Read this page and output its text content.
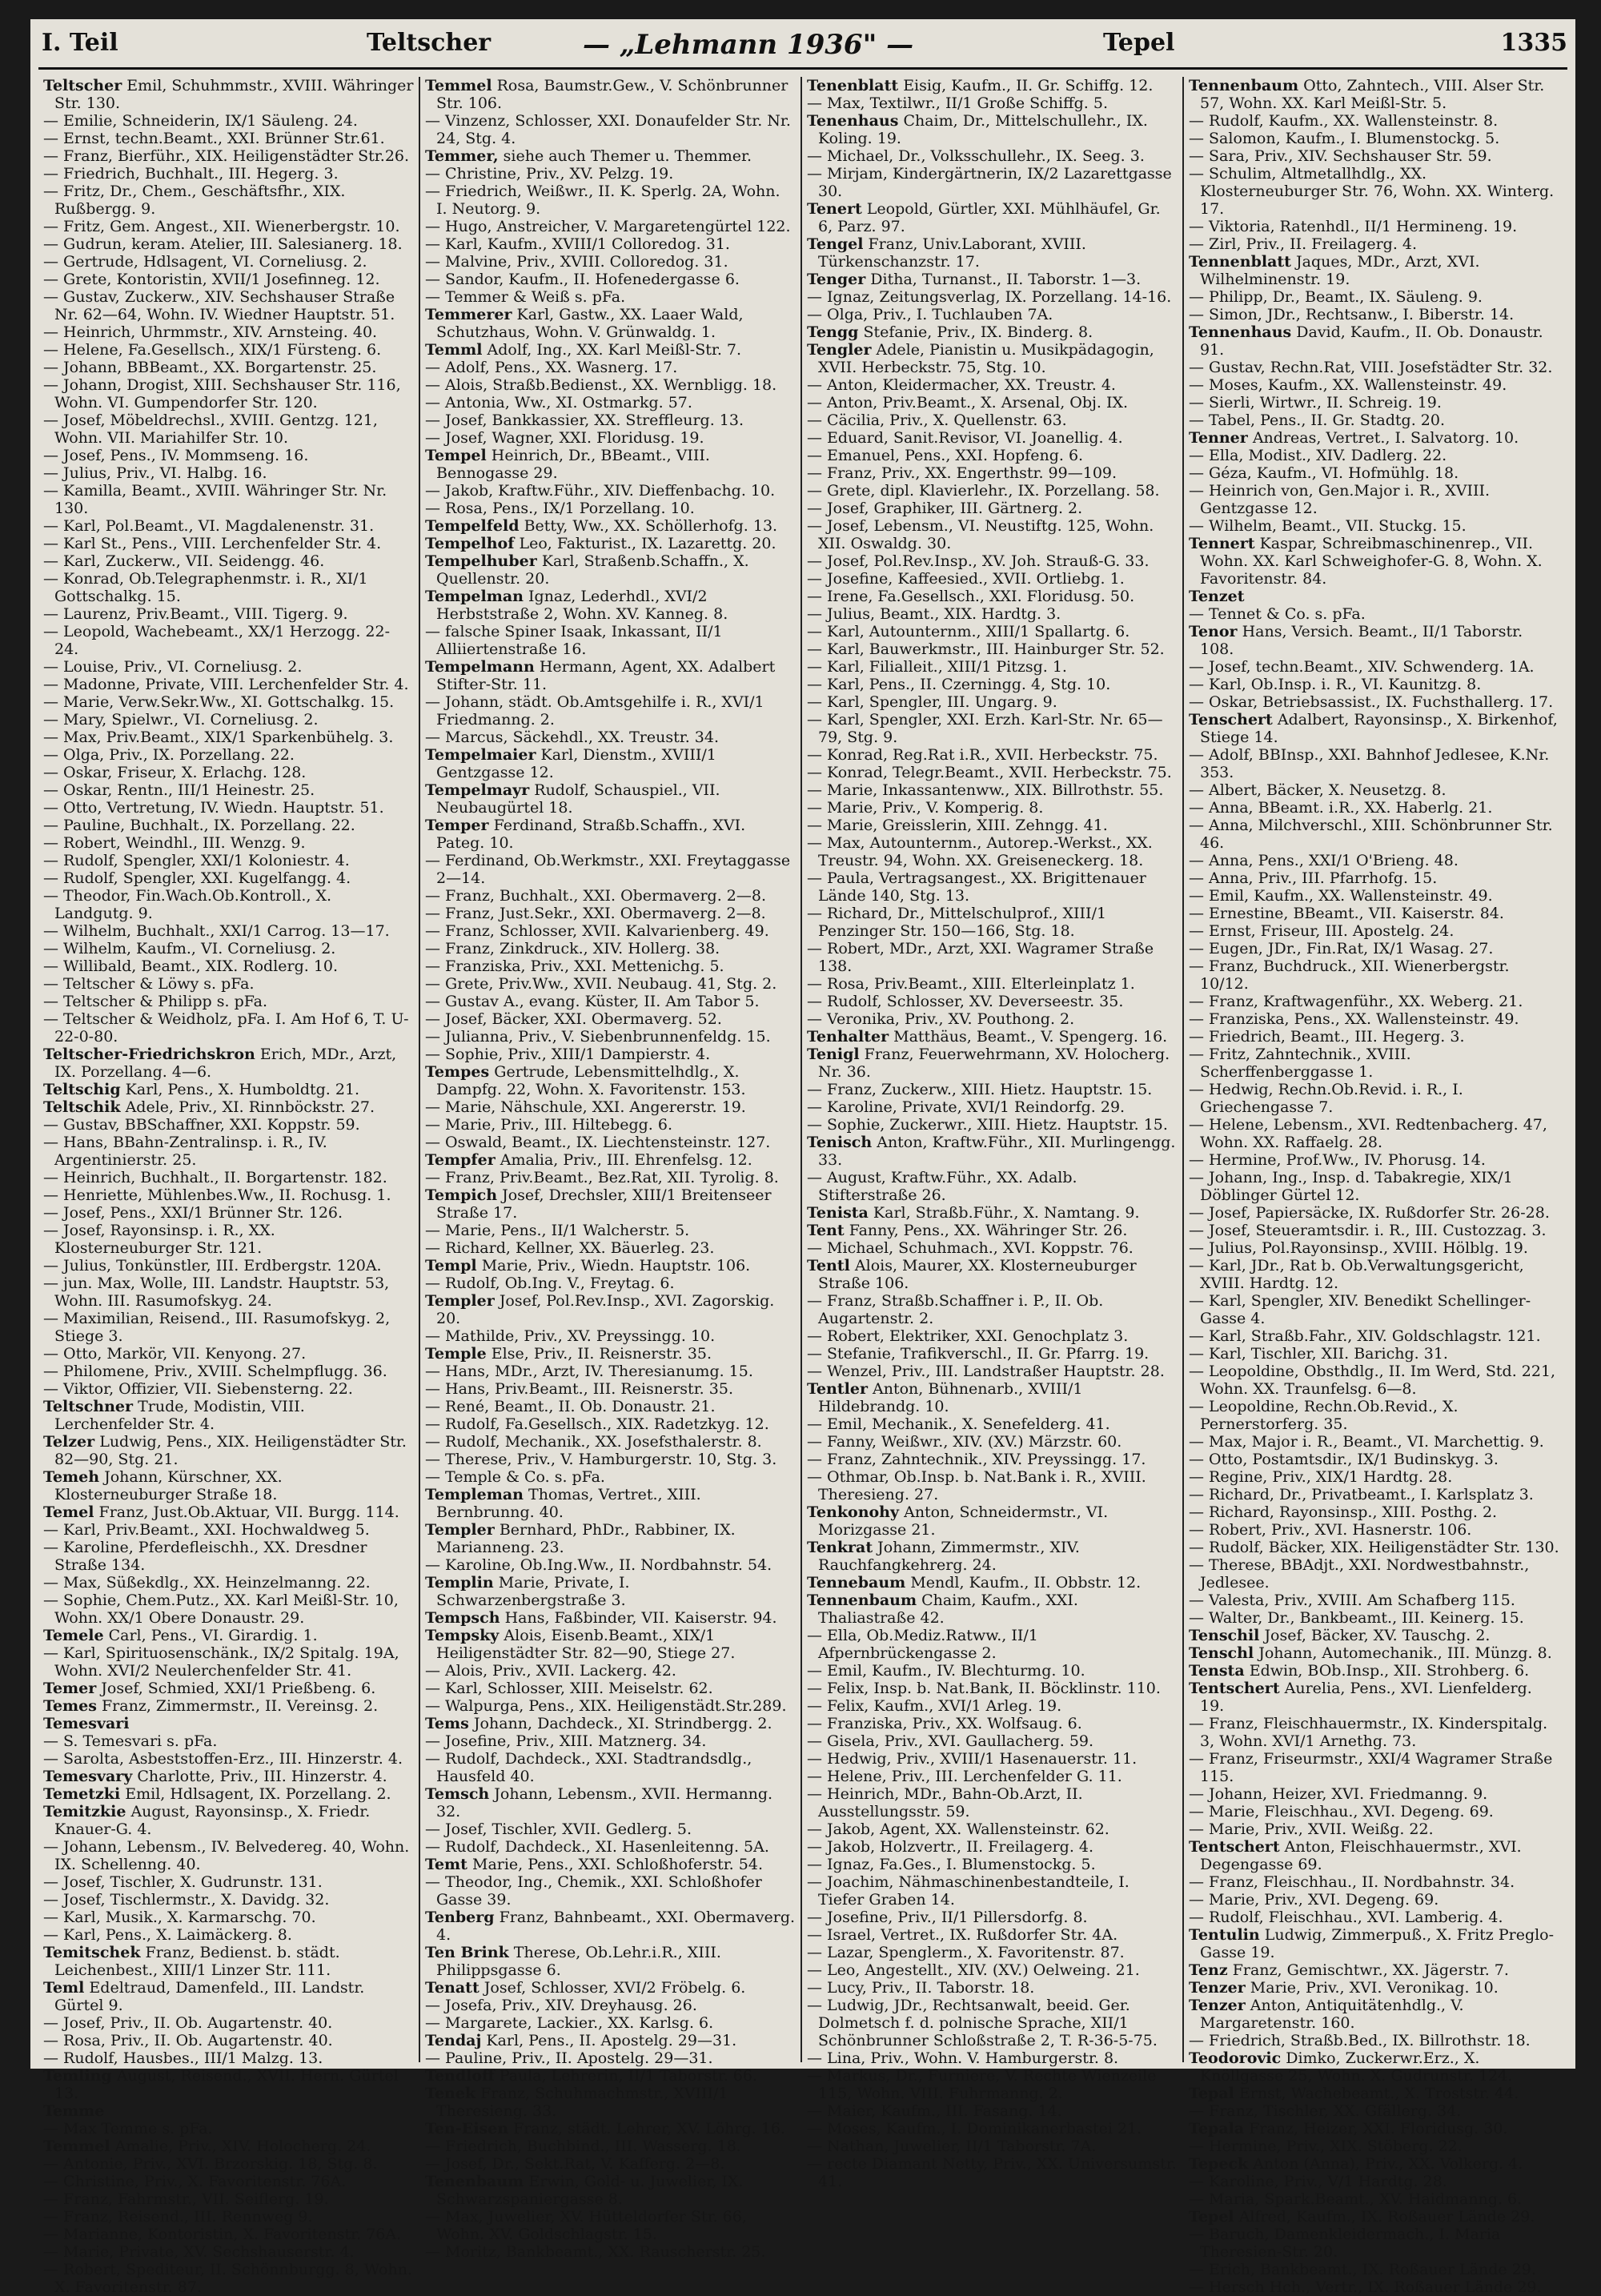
I. Teil	Teltscher	— „Lehmann 1936" —	Tepel	1335

Teltscher Emil, Schuhmmstr., XVIII. Währinger Str. 130.

— Emilie, Schneiderin, IX/1 Säuleng. 24.

— Ernst, techn.Beamt., XXI. Brünner Str.61.

— Franz, Bierführ., XIX. Heiligenstädter Str.26.

— Friedrich, Buchhalt., III. Hegerg. 3.

— Fritz, Dr., Chem., Geschäftsfhr., XIX. Rußbergg. 9.

— Fritz, Gem. Angest., XII. Wienerbergstr. 10.

— Gudrun, keram. Atelier, III. Salesianerg. 18.

— Gertrude, Hdlsagent, VI. Corneliusg. 2.

— Grete, Kontoristin, XVII/1 Josefinneg. 12.

— Gustav, Zuckerw., XIV. Sechshauser Straße Nr. 62—64, Wohn. IV. Wiedner Hauptstr. 51.

— Heinrich, Uhrmmstr., XIV. Arnsteing. 40.

— Helene, Fa.Gesellsch., XIX/1 Fürsteng. 6.

— Johann, BBBeamt., XX. Borgartenstr. 25.

— Johann, Drogist, XIII. Sechshauser Str. 116, Wohn. VI. Gumpendorfer Str. 120.

— Josef, Möbeldrechsl., XVIII. Gentzg. 121, Wohn. VII. Mariahilfer Str. 10.

— Josef, Pens., IV. Mommseng. 16.

— Julius, Priv., VI. Halbg. 16.

— Kamilla, Beamt., XVIII. Währinger Str. Nr. 130.

— Karl, Pol.Beamt., VI. Magdalenenstr. 31.

— Karl St., Pens., VIII. Lerchenfelder Str. 4.

— Karl, Zuckerw., VII. Seidengg. 46.

— Konrad, Ob.Telegraphenmstr. i. R., XI/1 Gottschalkg. 15.

— Laurenz, Priv.Beamt., VIII. Tigerg. 9.

— Leopold, Wachebeamt., XX/1 Herzogg. 22-24.

— Louise, Priv., VI. Corneliusg. 2.

— Madonne, Private, VIII. Lerchenfelder Str. 4.

— Marie, Verw.Sekr.Ww., XI. Gottschalkg. 15.

— Mary, Spielwr., VI. Corneliusg. 2.

— Max, Priv.Beamt., XIX/1 Sparkenbühelg. 3.

— Olga, Priv., IX. Porzellang. 22.

— Oskar, Friseur, X. Erlachg. 128.

— Oskar, Rentn., III/1 Heinestr. 25.

— Otto, Vertretung, IV. Wiedn. Hauptstr. 51.

— Pauline, Buchhalt., IX. Porzellang. 22.

— Robert, Weindhl., III. Wenzg. 9.

— Rudolf, Spengler, XXI/1 Koloniestr. 4.

— Rudolf, Spengler, XXI. Kugelfangg. 4.

— Theodor, Fin.Wach.Ob.Kontroll., X. Landgutg. 9.

— Wilhelm, Buchhalt., XXI/1 Carrog. 13—17.

— Wilhelm, Kaufm., VI. Corneliusg. 2.

— Willibald, Beamt., XIX. Rodlerg. 10.

— Teltscher & Löwy s. pFa.

— Teltscher & Philipp s. pFa.

— Teltscher & Weidholz, pFa. I. Am Hof 6, T. U-22-0-80.

Teltscher-Friedrichskron Erich, MDr., Arzt, IX. Porzellang. 4—6.

Teltschig Karl, Pens., X. Humboldtg. 21.

Teltschik Adele, Priv., XI. Rinnböckstr. 27.

— Gustav, BBSchaffner, XXI. Koppstr. 59.

— Hans, BBahn-Zentralinsp. i. R., IV. Argentinierstr. 25.

— Heinrich, Buchhalt., II. Borgartenstr. 182.

— Henriette, Mühlenbes.Ww., II. Rochusg. 1.

— Josef, Pens., XXI/1 Brünner Str. 126.

— Josef, Rayonsinsp. i. R., XX. Klosterneuburger Str. 121.

— Julius, Tonkünstler, III. Erdbergstr. 120A.

— jun. Max, Wolle, III. Landstr. Hauptstr. 53, Wohn. III. Rasumofskyg. 24.

— Maximilian, Reisend., III. Rasumofskyg. 2, Stiege 3.

— Otto, Markör, VII. Kenyong. 27.

— Philomene, Priv., XVIII. Schelmpflugg. 36.

— Viktor, Offizier, VII. Siebensterng. 22.

Teltschner Trude, Modistin, VIII. Lerchenfelder Str. 4.

Telzer Ludwig, Pens., XIX. Heiligenstädter Str. 82—90, Stg. 21.

Temeh Johann, Kürschner, XX. Klosterneuburger Straße 18.

Temel Franz, Just.Ob.Aktuar, VII. Burgg. 114.

— Karl, Priv.Beamt., XXI. Hochwaldweg 5.

— Karoline, Pferdefleischh., XX. Dresdner Straße 134.

— Max, Süßekdlg., XX. Heinzelmanng. 22.

— Sophie, Chem.Putz., XX. Karl Meißl-Str. 10, Wohn. XX/1 Obere Donaustr. 29.

Temele Carl, Pens., VI. Girardig. 1.

— Karl, Spirituosenschänk., IX/2 Spitalg. 19A, Wohn. XVI/2 Neulerchenfelder Str. 41.

Temer Josef, Schmied, XXI/1 Prießbeng. 6.

Temes Franz, Zimmermstr., II. Vereinsg. 2.

Temesvari

— S. Temesvari s. pFa.

— Sarolta, Asbeststoffen-Erz., III. Hinzerstr. 4.

Temesvary Charlotte, Priv., III. Hinzerstr. 4.

Temetzki Emil, Hdlsagent, IX. Porzellang. 2.

Temitzkie August, Rayonsinsp., X. Friedr. Knauer-G. 4.

— Johann, Lebensm., IV. Belvedereg. 40, Wohn. IX. Schellenng. 40.

— Josef, Tischler, X. Gudrunstr. 131.

— Josef, Tischlermstr., X. Davidg. 32.

— Karl, Musik., X. Karmarschg. 70.

— Karl, Pens., X. Laimäckerg. 8.

Temitschek Franz, Bedienst. b. städt. Leichenbest., XIII/1 Linzer Str. 111.

Teml Edeltraud, Damenfeld., III. Landstr. Gürtel 9.

— Josef, Priv., II. Ob. Augartenstr. 40.

— Rosa, Priv., II. Ob. Augartenstr. 40.

— Rudolf, Hausbes., III/1 Malzg. 13.

Temling August, Reisend., XVII. Hern. Gürtel 13.

Temme

— Max Temme s. pFa.

Temmel Amalie, Priv., XIV. Holocherg. 24.

— Antonie, Priv., XVI. Brzorskig. 18, Stg. 8.

— Christine, Priv., X. Favoritenstr. 76A.

— Franz, Fahrmstr., VII. Seiflerg. 19.

— Franz, Reisend., III. Rennweg 9.

— Marianne, Kontoristin, X. Favoritenstr. 76A.

— Marie, Private, XV. Sechshauserstr. 4.

— Robert, Spediteur, II. Schönnburgg. 8, Wohn. X. Favoritenstr. 87.

Temmel Rosa, Baumstr.Gew., V. Schönbrunner Str. 106.

— Vinzenz, Schlosser, XXI. Donaufelder Str. Nr. 24, Stg. 4.

Temmer, siehe auch Themer u. Themmer.

— Christine, Priv., XV. Pelzg. 19.

— Friedrich, Weißwr., II. K. Sperlg. 2A, Wohn. I. Neutorg. 9.

— Hugo, Anstreicher, V. Margaretengürtel 122.

— Karl, Kaufm., XVIII/1 Colloredog. 31.

— Malvine, Priv., XVIII. Colloredog. 31.

— Sandor, Kaufm., II. Hofenedergasse 6.

— Temmer & Weiß s. pFa.

Temmerer Karl, Gastw., XX. Laaer Wald, Schutzhaus, Wohn. V. Grünwaldg. 1.

Temml Adolf, Ing., XX. Karl Meißl-Str. 7.

— Adolf, Pens., XX. Wasnerg. 17.

— Alois, Straßb.Bedienst., XX. Wernbligg. 18.

— Antonia, Ww., XI. Ostmarkg. 57.

— Josef, Bankkassier, XX. Streffleurg. 13.

— Josef, Wagner, XXI. Floridusg. 19.

Tempel Heinrich, Dr., BBeamt., VIII. Bennogasse 29.

— Jakob, Kraftw.Führ., XIV. Dieffenbachg. 10.

— Rosa, Pens., IX/1 Porzellang. 10.

Tempelfeld Betty, Ww., XX. Schöllerhofg. 13.

Tempelhof Leo, Fakturist., IX. Lazarettg. 20.

Tempelhuber Karl, Straßenb.Schaffn., X. Quellenstr. 20.

Tempelman Ignaz, Lederhdl., XVI/2 Herbststraße 2, Wohn. XV. Kanneg. 8.

— falsche Spiner Isaak, Inkassant, II/1 Alliiertenstraße 16.

Tempelmann Hermann, Agent, XX. Adalbert Stifter-Str. 11.

— Johann, städt. Ob.Amtsgehilfe i. R., XVI/1 Friedmanng. 2.

— Marcus, Säckehdl., XX. Treustr. 34.

Tempelmaier Karl, Dienstm., XVIII/1 Gentzgasse 12.

Tempelmayr Rudolf, Schauspiel., VII. Neubaugürtel 18.

Temper Ferdinand, Straßb.Schaffn., XVI. Pateg. 10.

— Ferdinand, Ob.Werkmstr., XXI. Freytaggasse 2—14.

— Franz, Buchhalt., XXI. Obermaverg. 2—8.

— Franz, Just.Sekr., XXI. Obermaverg. 2—8.

— Franz, Schlosser, XVII. Kalvarienberg. 49.

— Franz, Zinkdruck., XIV. Hollerg. 38.

— Franziska, Priv., XXI. Mettenichg. 5.

— Grete, Priv.Ww., XVII. Neubaug. 41, Stg. 2.

— Gustav A., evang. Küster, II. Am Tabor 5.

— Josef, Bäcker, XXI. Obermaverg. 52.

— Julianna, Priv., V. Siebenbrunnenfeldg. 15.

— Sophie, Priv., XIII/1 Dampierstr. 4.

Tempes Gertrude, Lebensmittelhdlg., X. Dampfg. 22, Wohn. X. Favoritenstr. 153.

— Marie, Nähschule, XXI. Angererstr. 19.

— Marie, Priv., III. Hiltebegg. 6.

— Oswald, Beamt., IX. Liechtensteinstr. 127.

Tempfer Amalia, Priv., III. Ehrenfelsg. 12.

— Franz, Priv.Beamt., Bez.Rat, XII. Tyrolig. 8.

Tempich Josef, Drechsler, XIII/1 Breitenseer Straße 17.

— Marie, Pens., II/1 Walcherstr. 5.

— Richard, Kellner, XX. Bäuerleg. 23.

Templ Marie, Priv., Wiedn. Hauptstr. 106.

— Rudolf, Ob.Ing. V., Freytag. 6.

Templer Josef, Pol.Rev.Insp., XVI. Zagorskig. 20.

— Mathilde, Priv., XV. Preyssingg. 10.

Temple Else, Priv., II. Reisnerstr. 35.

— Hans, MDr., Arzt, IV. Theresianumg. 15.

— Hans, Priv.Beamt., III. Reisnerstr. 35.

— René, Beamt., II. Ob. Donaustr. 21.

— Rudolf, Fa.Gesellsch., XIX. Radetzkyg. 12.

— Rudolf, Mechanik., XX. Josefsthalerstr. 8.

— Therese, Priv., V. Hamburgerstr. 10, Stg. 3.

— Temple & Co. s. pFa.

Templeman Thomas, Vertret., XIII. Bernbrunng. 40.

Templer Bernhard, PhDr., Rabbiner, IX. Marianneng. 23.

— Karoline, Ob.Ing.Ww., II. Nordbahnstr. 54.

Templin Marie, Private, I. Schwarzenbergstraße 3.

Tempsch Hans, Faßbinder, VII. Kaiserstr. 94.

Tempsky Alois, Eisenb.Beamt., XIX/1 Heiligenstädter Str. 82—90, Stiege 27.

— Alois, Priv., XVII. Lackerg. 42.

— Karl, Schlosser, XIII. Meiselstr. 62.

— Walpurga, Pens., XIX. Heiligenstädt.Str.289.

Tems Johann, Dachdeck., XI. Strindbergg. 2.

— Josefine, Priv., XIII. Matznerg. 34.

— Rudolf, Dachdeck., XXI. Stadtrandsdlg., Hausfeld 40.

Temsch Johann, Lebensm., XVII. Hermanng. 32.

— Josef, Tischler, XVII. Gedlerg. 5.

— Rudolf, Dachdeck., XI. Hasenleitenng. 5A.

Temt Marie, Pens., XXI. Schloßhoferstr. 54.

— Theodor, Ing., Chemik., XXI. Schloßhofer Gasse 39.

Tenberg Franz, Bahnbeamt., XXI. Obermaverg. 4.

Ten Brink Therese, Ob.Lehr.i.R., XIII. Philippsgasse 6.

Tenatt Josef, Schlosser, XVI/2 Fröbelg. 6.

— Josefa, Priv., XIV. Dreyhausg. 26.

— Margarete, Lackier., XX. Karlsg. 6.

Tendaj Karl, Pens., II. Apostelg. 29—31.

— Pauline, Priv., II. Apostelg. 29—31.

Tendloff Paula, Lehrerin, II/1 Taborstr. 66.

Tenek Franz, Schuhmachmstr., XVIII/1 Theresieng. 33.

Ten-Eisen Franz, städt. Lehrer, XV. Löhrg. 16.

— Friedrich, Buchbind., III. Wasserg. 18.

— Josef, Dr., Sekt.Rat, V. Kafferg. 2—8.

Tenenbaum Erwin, Gold- u. Juwelier, IX. Schwarzspaniergasse 8.

— Max, Juwelier, XV. Hütteldorfer Str. 66, Wohn. XV. Goldschlagstr. 15.

— Moritz, Bankbeamt., XX. Rauscherstr. 25.

Tenenblatt Eisig, Kaufm., II. Gr. Schiffg. 12.

— Max, Textilwr., II/1 Große Schiffg. 5.

Tenenhaus Chaim, Dr., Mittelschullehr., IX. Koling. 19.

— Michael, Dr., Volksschullehr., IX. Seeg. 3.

— Mirjam, Kindergärtnerin, IX/2 Lazarettgasse 30.

Tenert Leopold, Gürtler, XXI. Mühlhäufel, Gr. 6, Parz. 97.

Tengel Franz, Univ.Laborant, XVIII. Türkenschanzstr. 17.

Tenger Ditha, Turnanst., II. Taborstr. 1—3.

— Ignaz, Zeitungsverlag, IX. Porzellang. 14-16.

— Olga, Priv., I. Tuchlauben 7A.

Tengg Stefanie, Priv., IX. Binderg. 8.

Tengler Adele, Pianistin u. Musikpädagogin, XVII. Herbeckstr. 75, Stg. 10.

— Anton, Kleidermacher, XX. Treustr. 4.

— Anton, Priv.Beamt., X. Arsenal, Obj. IX.

— Cäcilia, Priv., X. Quellenstr. 63.

— Eduard, Sanit.Revisor, VI. Joanellig. 4.

— Emanuel, Pens., XXI. Hopfeng. 6.

— Franz, Priv., XX. Engerthstr. 99—109.

— Grete, dipl. Klavierlehr., IX. Porzellang. 58.

— Josef, Graphiker, III. Gärtnerg. 2.

— Josef, Lebensm., VI. Neustiftg. 125, Wohn. XII. Oswaldg. 30.

— Josef, Pol.Rev.Insp., XV. Joh. Strauß-G. 33.

— Josefine, Kaffeesied., XVII. Ortliebg. 1.

— Irene, Fa.Gesellsch., XXI. Floridusg. 50.

— Julius, Beamt., XIX. Hardtg. 3.

— Karl, Autounternm., XIII/1 Spallartg. 6.

— Karl, Bauwerkmstr., III. Hainburger Str. 52.

— Karl, Filialleit., XIII/1 Pitzsg. 1.

— Karl, Pens., II. Czerningg. 4, Stg. 10.

— Karl, Spengler, III. Ungarg. 9.

— Karl, Spengler, XXI. Erzh. Karl-Str. Nr. 65—79, Stg. 9.

— Konrad, Reg.Rat i.R., XVII. Herbeckstr. 75.

— Konrad, Telegr.Beamt., XVII. Herbeckstr. 75.

— Marie, Inkassantenww., XIX. Billrothstr. 55.

— Marie, Priv., V. Komperig. 8.

— Marie, Greisslerin, XIII. Zehngg. 41.

— Max, Autounternm., Autorep.-Werkst., XX. Treustr. 94, Wohn. XX. Greiseneckerg. 18.

— Paula, Vertragsangest., XX. Brigittenauer Lände 140, Stg. 13.

— Richard, Dr., Mittelschulprof., XIII/1 Penzinger Str. 150—166, Stg. 18.

— Robert, MDr., Arzt, XXI. Wagramer Straße 138.

— Rosa, Priv.Beamt., XIII. Elterleinplatz 1.

— Rudolf, Schlosser, XV. Deverseestr. 35.

— Veronika, Priv., XV. Pouthong. 2.

Tenhalter Matthäus, Beamt., V. Spengerg. 16.

Tenigl Franz, Feuerwehrmann, XV. Holocherg. Nr. 36.

— Franz, Zuckerw., XIII. Hietz. Hauptstr. 15.

— Karoline, Private, XVI/1 Reindorfg. 29.

— Sophie, Zuckerwr., XIII. Hietz. Hauptstr. 15.

Tenisch Anton, Kraftw.Führ., XII. Murlingengg. 33.

— August, Kraftw.Führ., XX. Adalb. Stifterstraße 26.

Tenista Karl, Straßb.Führ., X. Namtang. 9.

Tent Fanny, Pens., XX. Währinger Str. 26.

— Michael, Schuhmach., XVI. Koppstr. 76.

Tentl Alois, Maurer, XX. Klosterneuburger Straße 106.

— Franz, Straßb.Schaffner i. P., II. Ob. Augartenstr. 2.

— Robert, Elektriker, XXI. Genochplatz 3.

— Stefanie, Trafikverschl., II. Gr. Pfarrg. 19.

— Wenzel, Priv., III. Landstraßer Hauptstr. 28.

Tentler Anton, Bühnenarb., XVIII/1 Hildebrandg. 10.

— Emil, Mechanik., X. Senefelderg. 41.

— Fanny, Weißwr., XIV. (XV.) Märzstr. 60.

— Franz, Zahntechnik., XIV. Preyssingg. 17.

— Othmar, Ob.Insp. b. Nat.Bank i. R., XVIII. Theresieng. 27.

Tenkonohy Anton, Schneidermstr., VI. Morizgasse 21.

Tenkrat Johann, Zimmermstr., XIV. Rauchfangkehrerg. 24.

Tennebaum Mendl, Kaufm., II. Obbstr. 12.

Tennenbaum Chaim, Kaufm., XXI. Thaliastraße 42.

— Ella, Ob.Mediz.Ratww., II/1 Afpernbrückengasse 2.

— Emil, Kaufm., IV. Blechturmg. 10.

— Felix, Insp. b. Nat.Bank, II. Böcklinstr. 110.

— Felix, Kaufm., XVI/1 Arleg. 19.

— Franziska, Priv., XX. Wolfsaug. 6.

— Gisela, Priv., XVI. Gaullacherg. 59.

— Hedwig, Priv., XVIII/1 Hasenauerstr. 11.

— Helene, Priv., III. Lerchenfelder G. 11.

— Heinrich, MDr., Bahn-Ob.Arzt, II. Ausstellungsstr. 59.

— Jakob, Agent, XX. Wallensteinstr. 62.

— Jakob, Holzvertr., II. Freilagerg. 4.

— Ignaz, Fa.Ges., I. Blumenstockg. 5.

— Joachim, Nähmaschinenbestandteile, I. Tiefer Graben 14.

— Josefine, Priv., II/1 Pillersdorfg. 8.

— Israel, Vertret., IX. Rußdorfer Str. 4A.

— Lazar, Spenglerm., X. Favoritenstr. 87.

— Leo, Angestellt., XIV. (XV.) Oelweing. 21.

— Lucy, Priv., II. Taborstr. 18.

— Ludwig, JDr., Rechtsanwalt, beeid. Ger. Dolmetsch f. d. polnische Sprache, XII/1 Schönbrunner Schloßstraße 2, T. R-36-5-75.

— Lina, Priv., Wohn. V. Hamburgerstr. 8.

— Markus, Dr., Furniere, V. Rechte Wienzeile 115, Wohn. VIII. Fuhrmanng. 2.

— Maier, Kaufm., III. Fasang. 14.

— Moses, Kaufm., I. Dominikanerbastei 21.

— Nathan, Juwelier, II/1 Taborstr. 7A.

— recte Diamant Netty, Priv., XX. Universumstr. 41.

Tennenbaum Otto, Zahntech., VIII. Alser Str. 57, Wohn. XX. Karl Meißl-Str. 5.

— Rudolf, Kaufm., XX. Wallensteinstr. 8.

— Salomon, Kaufm., I. Blumenstockg. 5.

— Sara, Priv., XIV. Sechshauser Str. 59.

— Schulim, Altmetallhdlg., XX. Klosterneuburger Str. 76, Wohn. XX. Winterg. 17.

— Viktoria, Ratenhdl., II/1 Hermineng. 19.

— Zirl, Priv., II. Freilagerg. 4.

Tennenblatt Jaques, MDr., Arzt, XVI. Wilhelminenstr. 19.

— Philipp, Dr., Beamt., IX. Säuleng. 9.

— Simon, JDr., Rechtsanw., I. Biberstr. 14.

Tennenhaus David, Kaufm., II. Ob. Donaustr. 91.

— Gustav, Rechn.Rat, VIII. Josefstädter Str. 32.

— Moses, Kaufm., XX. Wallensteinstr. 49.

— Sierli, Wirtwr., II. Schreig. 19.

— Tabel, Pens., II. Gr. Stadtg. 20.

Tenner Andreas, Vertret., I. Salvatorg. 10.

— Ella, Modist., XIV. Dadlerg. 22.

— Géza, Kaufm., VI. Hofmühlg. 18.

— Heinrich von, Gen.Major i. R., XVIII. Gentzgasse 12.

— Wilhelm, Beamt., VII. Stuckg. 15.

Tennert Kaspar, Schreibmaschinenrep., VII. Wohn. XX. Karl Schweighofer-G. 8, Wohn. X. Favoritenstr. 84.

Tenzet

— Tennet & Co. s. pFa.

Tenor Hans, Versich. Beamt., II/1 Taborstr. 108.

— Josef, techn.Beamt., XIV. Schwenderg. 1A.

— Karl, Ob.Insp. i. R., VI. Kaunitzg. 8.

— Oskar, Betriebsassist., IX. Fuchsthallerg. 17.

Tenschert Adalbert, Rayonsinsp., X. Birkenhof, Stiege 14.

— Adolf, BBInsp., XXI. Bahnhof Jedlesee, K.Nr. 353.

— Albert, Bäcker, X. Neusetzg. 8.

— Anna, BBeamt. i.R., XX. Haberlg. 21.

— Anna, Milchverschl., XIII. Schönbrunner Str. 46.

— Anna, Pens., XXI/1 O'Brieng. 48.

— Anna, Priv., III. Pfarrhofg. 15.

— Emil, Kaufm., XX. Wallensteinstr. 49.

— Ernestine, BBeamt., VII. Kaiserstr. 84.

— Ernst, Friseur, III. Apostelg. 24.

— Eugen, JDr., Fin.Rat, IX/1 Wasag. 27.

— Franz, Buchdruck., XII. Wienerbergstr. 10/12.

— Franz, Kraftwagenführ., XX. Weberg. 21.

— Franziska, Pens., XX. Wallensteinstr. 49.

— Friedrich, Beamt., III. Hegerg. 3.

— Fritz, Zahntechnik., XVIII. Scherffenberggasse 1.

— Hedwig, Rechn.Ob.Revid. i. R., I. Griechengasse 7.

— Helene, Lebensm., XVI. Redtenbacherg. 47, Wohn. XX. Raffaelg. 28.

— Hermine, Prof.Ww., IV. Phorusg. 14.

— Johann, Ing., Insp. d. Tabakregie, XIX/1 Döblinger Gürtel 12.

— Josef, Papiersäcke, IX. Rußdorfer Str. 26-28.

— Josef, Steueramtsdir. i. R., III. Custozzag. 3.

— Julius, Pol.Rayonsinsp., XVIII. Hölblg. 19.

— Karl, JDr., Rat b. Ob.Verwaltungsgericht, XVIII. Hardtg. 12.

— Karl, Spengler, XIV. Benedikt Schellinger-Gasse 4.

— Karl, Straßb.Fahr., XIV. Goldschlagstr. 121.

— Karl, Tischler, XII. Barichg. 31.

— Leopoldine, Obsthdlg., II. Im Werd, Std. 221, Wohn. XX. Traunfelsg. 6—8.

— Leopoldine, Rechn.Ob.Revid., X. Pernerstorferg. 35.

— Max, Major i. R., Beamt., VI. Marchettig. 9.

— Otto, Postamtsdir., IX/1 Budinskyg. 3.

— Regine, Priv., XIX/1 Hardtg. 28.

— Richard, Dr., Privatbeamt., I. Karlsplatz 3.

— Richard, Rayonsinsp., XIII. Posthg. 2.

— Robert, Priv., XVI. Hasnerstr. 106.

— Rudolf, Bäcker, XIX. Heiligenstädter Str. 130.

— Therese, BBAdjt., XXI. Nordwestbahnstr., Jedlesee.

— Valesta, Priv., XVIII. Am Schafberg 115.

— Walter, Dr., Bankbeamt., III. Keinerg. 15.

Tenschil Josef, Bäcker, XV. Tauschg. 2.

Tenschl Johann, Automechanik., III. Münzg. 8.

Tensta Edwin, BOb.Insp., XII. Strohberg. 6.

Tentschert Aurelia, Pens., XVI. Lienfelderg. 19.

— Franz, Fleischhauermstr., IX. Kinderspitalg. 3, Wohn. XVI/1 Arnethg. 73.

— Franz, Friseurmstr., XXI/4 Wagramer Straße 115.

— Johann, Heizer, XVI. Friedmanng. 9.

— Marie, Fleischhau., XVI. Degeng. 69.

— Marie, Priv., XVII. Weißg. 22.

Tentschert Anton, Fleischhauermstr., XVI. Degengasse 69.

— Franz, Fleischhau., II. Nordbahnstr. 34.

— Marie, Priv., XVI. Degeng. 69.

— Rudolf, Fleischhau., XVI. Lamberig. 4.

Tentulin Ludwig, Zimmerpuß., X. Fritz Preglo-Gasse 19.

Tenz Franz, Gemischtwr., XX. Jägerstr. 7.

Tenzer Marie, Priv., XVI. Veronikag. 10.

Tenzer Anton, Antiquitätenhdlg., V. Margaretenstr. 160.

— Friedrich, Straßb.Bed., IX. Billrothstr. 18.

Teodorovic Dimko, Zuckerwr.Erz., X. Knöllgasse 25, Wohn. X. Gudrunstr. 124.

Tepal Ernst, Wachebeamt., X. Troststr. 44.

— Franz, Tischler, XX. Gfällerg. 34.

Tepala Franz, Heizer, XXI. Floridusg. 30.

— Hermine, Priv., XIX. Stöberg. 22.

Tepeck Anton (Anna), Priv., XX. Volkerg. 4.

— Karoline, Priv., V/1 Hardtg. 28.

— Maria, Spark.Beamt., XV. Haidmanng. 6.

Tepel Alfred, Kaufm., IX. Roßauer Lände 29.

— Baruch, Damenkleidermach., I. Maria Theresien-Str. 20.

— Erich, Bankbeamt., IX. Roßauer Lände 29.

— Hersch Hch., Vertr., IX. Roßauer Lände 29.
